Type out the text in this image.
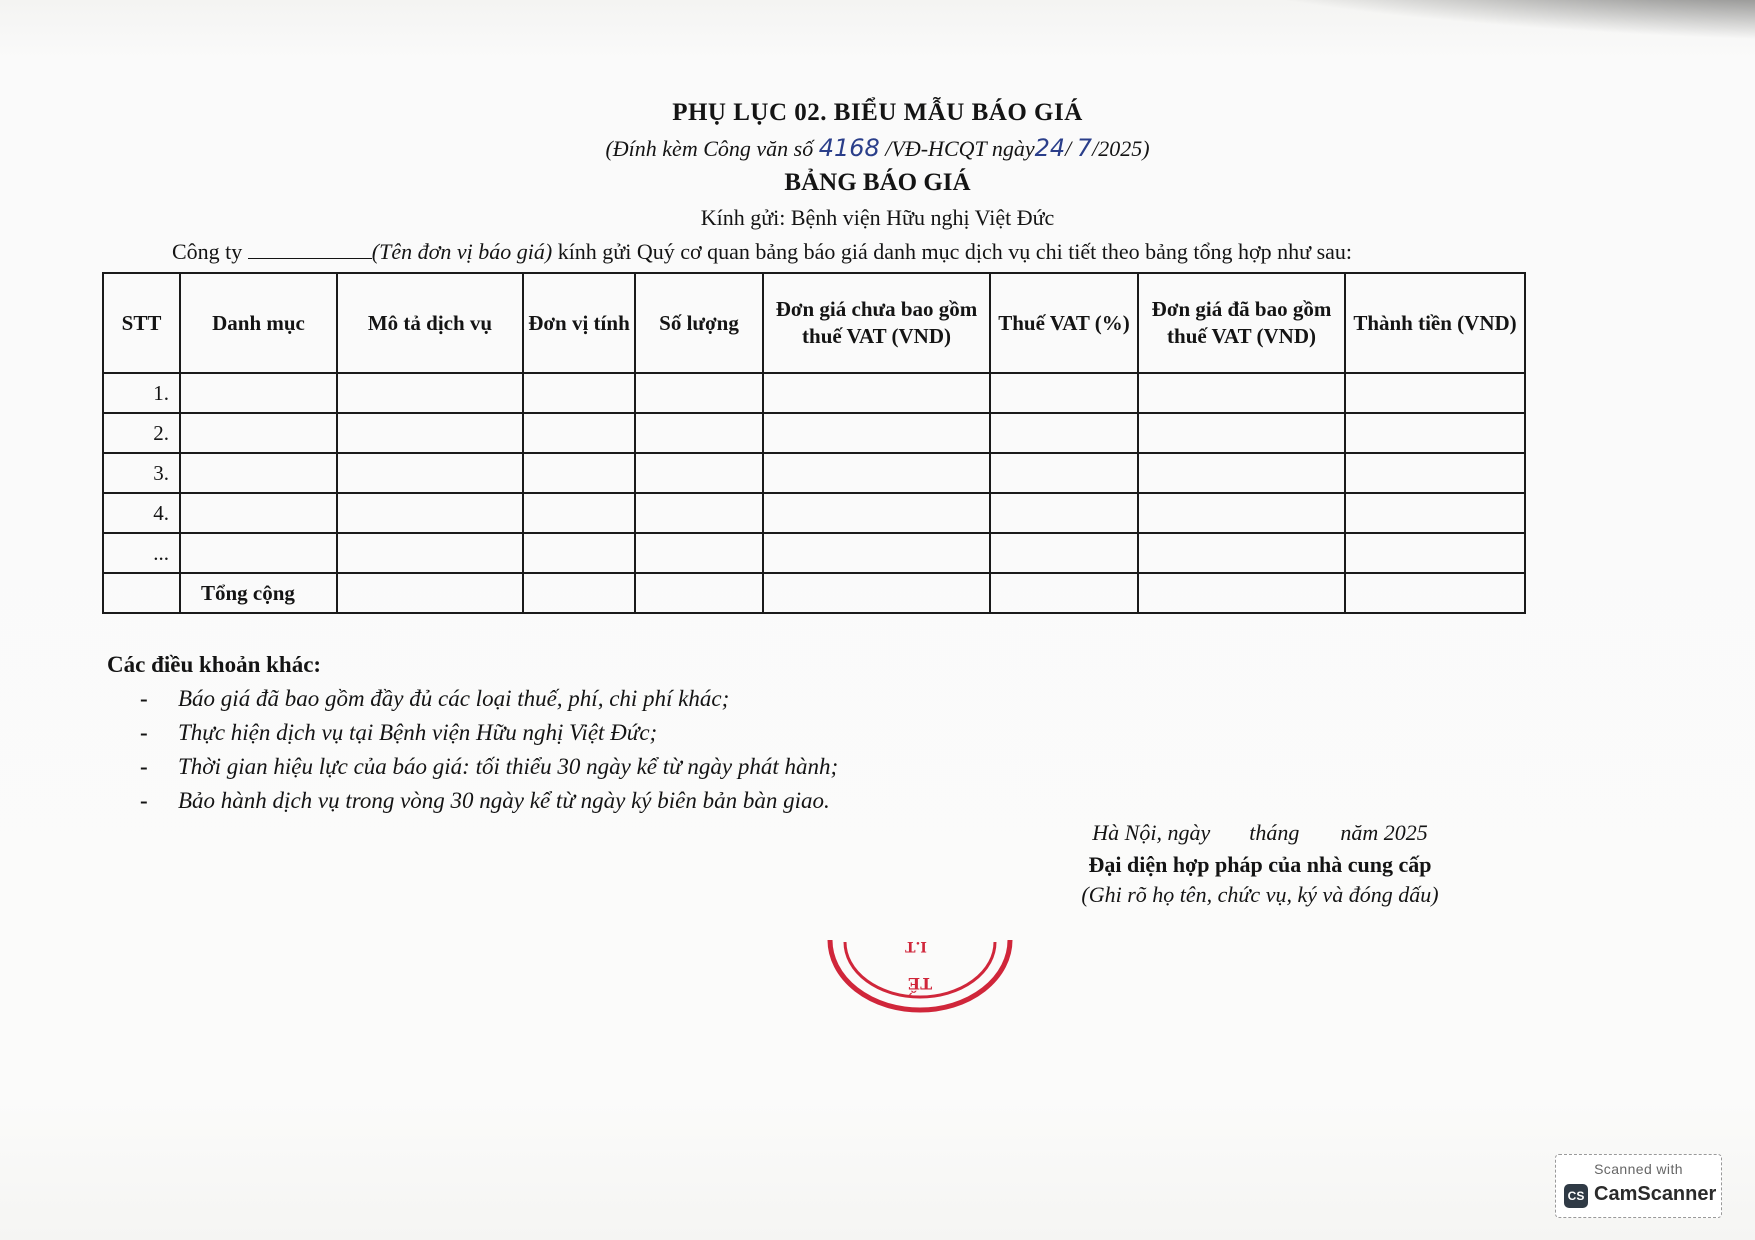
PHỤ LỤC 02. BIỂU MẪU BÁO GIÁ
(Đính kèm Công văn số 4168 /VĐ-HCQT ngày24/ 7/2025)
BẢNG BÁO GIÁ
Kính gửi: Bệnh viện Hữu nghị Việt Đức
Công ty	(Tên đơn vị báo giá) kính gửi Quý cơ quan bảng báo giá danh mục dịch vụ chi tiết theo bảng tổng hợp như sau:
STT	Danh mục	Mô tả dịch vụ	Đơn vị tính	Số lượng	Đơn giá chưa bao gồm thuế VAT (VND)	Thuế VAT (%)	Đơn giá đã bao gồm thuế VAT (VND)	Thành tiền (VND)
1.								
2.								
3.								
4.								
...								
	Tổng cộng							
Các điều khoản khác:
- Báo giá đã bao gồm đầy đủ các loại thuế, phí, chi phí khác;
- Thực hiện dịch vụ tại Bệnh viện Hữu nghị Việt Đức;
- Thời gian hiệu lực của báo giá: tối thiểu 30 ngày kể từ ngày phát hành;
- Bảo hành dịch vụ trong vòng 30 ngày kể từ ngày ký biên bản bàn giao.
Hà Nội, ngày tháng năm 2025
Đại diện hợp pháp của nhà cung cấp
(Ghi rõ họ tên, chức vụ, ký và đóng dấu)
TẾ
I.T
Scanned with
CS CamScanner
